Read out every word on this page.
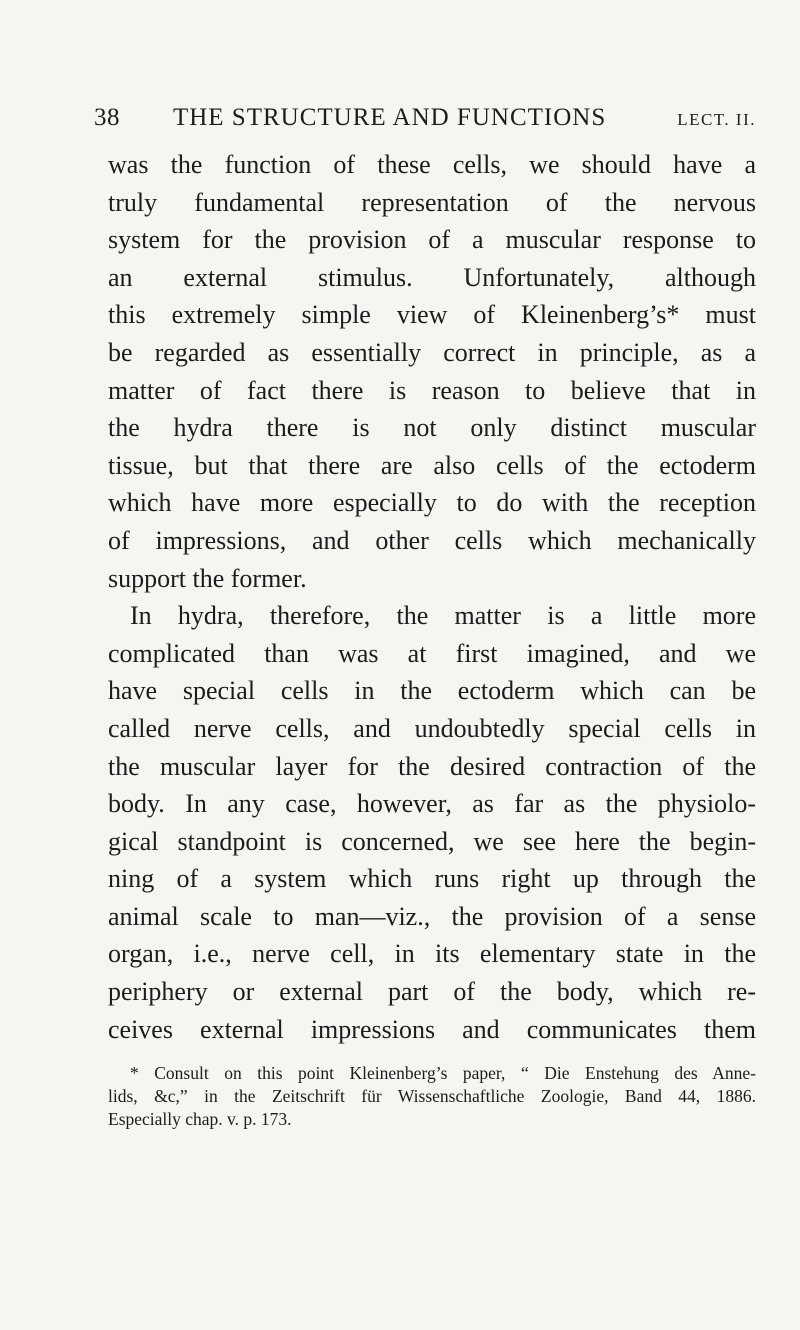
38	THE STRUCTURE AND FUNCTIONS	LECT. II.
was the function of these cells, we should have a
truly fundamental representation of the nervous
system for the provision of a muscular response to
an external stimulus. Unfortunately, although
this extremely simple view of Kleinenberg’s* must
be regarded as essentially correct in principle, as a
matter of fact there is reason to believe that in
the hydra there is not only distinct muscular
tissue, but that there are also cells of the ectoderm
which have more especially to do with the reception
of impressions, and other cells which mechanically
support the former.
In hydra, therefore, the matter is a little more
complicated than was at first imagined, and we
have special cells in the ectoderm which can be
called nerve cells, and undoubtedly special cells in
the muscular layer for the desired contraction of the
body. In any case, however, as far as the physiolo-
gical standpoint is concerned, we see here the begin-
ning of a system which runs right up through the
animal scale to man—viz., the provision of a sense
organ, i.e., nerve cell, in its elementary state in the
periphery or external part of the body, which re-
ceives external impressions and communicates them
* Consult on this point Kleinenberg’s paper, “ Die Enstehung des Anne-
lids, &c,” in the Zeitschrift für Wissenschaftliche Zoologie, Band 44, 1886.
Especially chap. v. p. 173.
